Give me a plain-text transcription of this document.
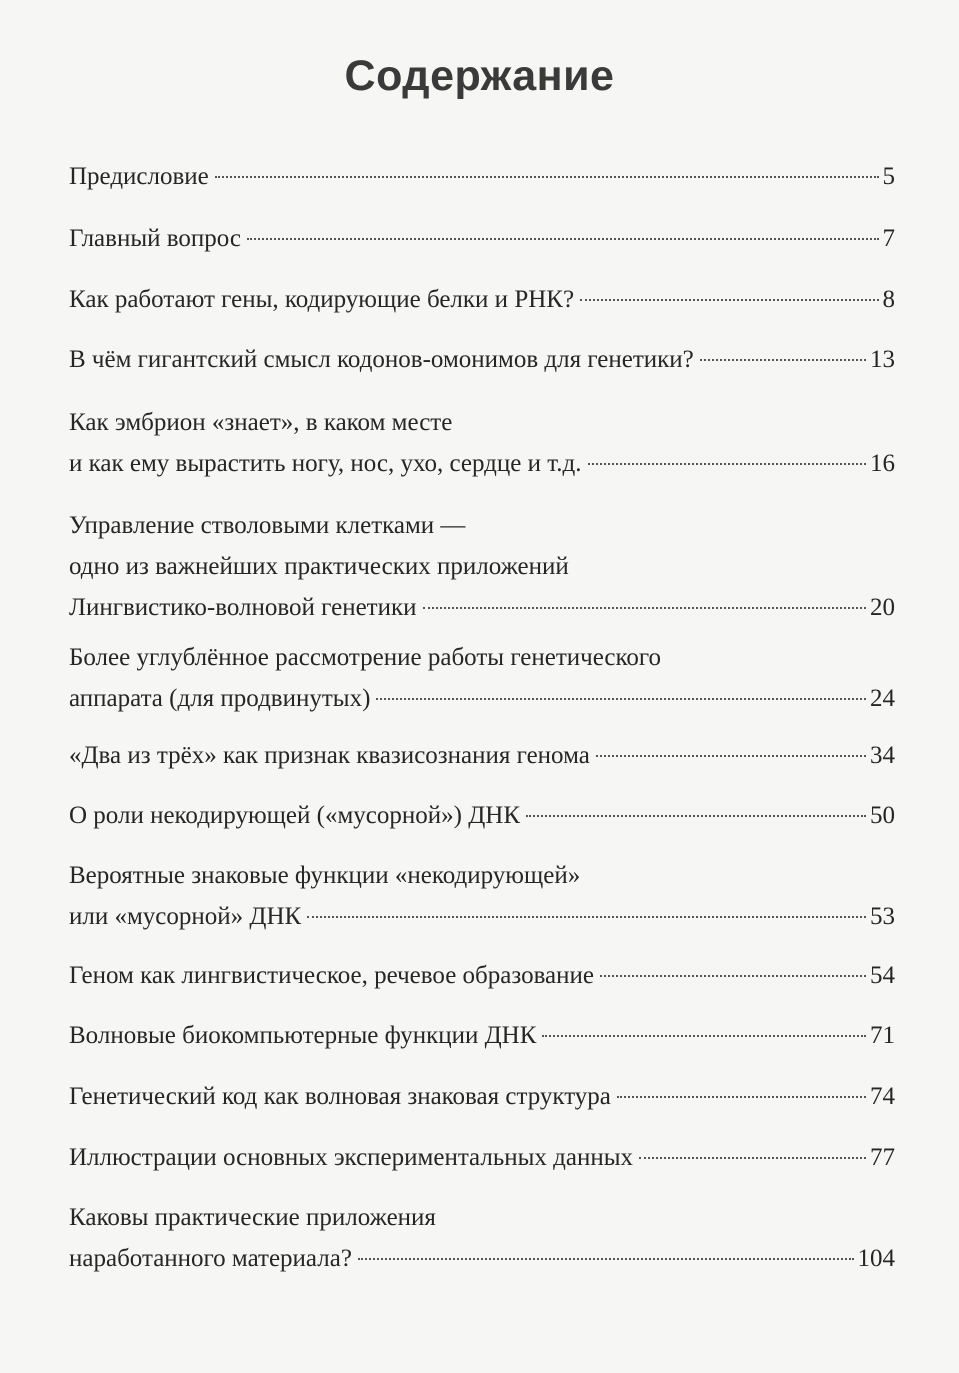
Содержание
Предисловие	5
Главный вопрос	7
Как работают гены, кодирующие белки и РНК?	8
В чём гигантский смысл кодонов-омонимов для генетики?	13
Как эмбрион «знает», в каком месте
и как ему вырастить ногу, нос, ухо, сердце и т.д.	16
Управление стволовыми клетками —
одно из важнейших практических приложений
Лингвистико-волновой генетики	20
Более углублённое рассмотрение работы генетического
аппарата (для продвинутых)	24
«Два из трёх» как признак квазисознания генома	34
О роли некодирующей («мусорной») ДНК	50
Вероятные знаковые функции «некодирующей»
или «мусорной» ДНК	53
Геном как лингвистическое, речевое образование	54
Волновые биокомпьютерные функции ДНК	71
Генетический код как волновая знаковая структура	74
Иллюстрации основных экспериментальных данных	77
Каковы практические приложения
наработанного материала?	104
